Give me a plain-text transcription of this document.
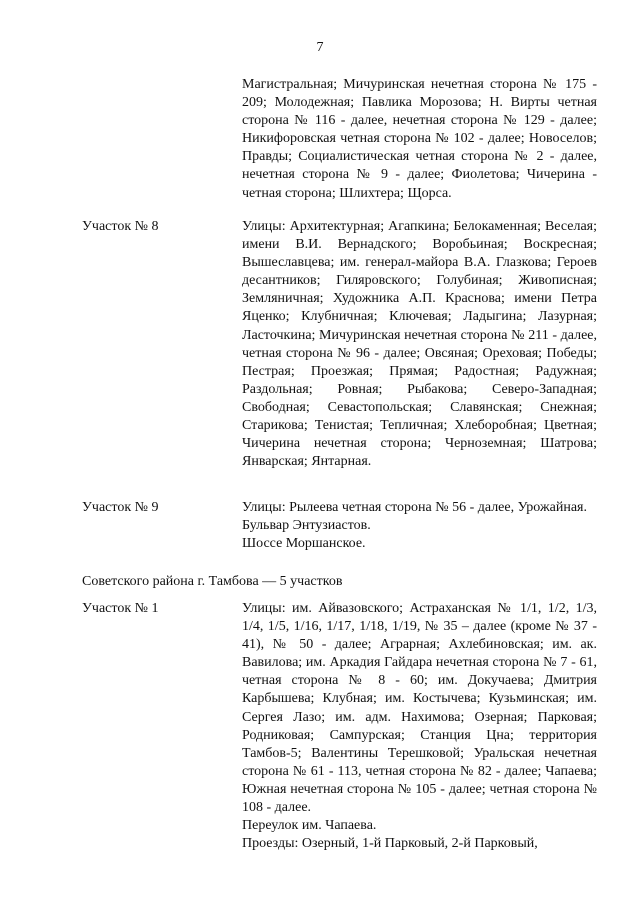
7

Магистральная; Мичуринская нечетная сторона № 175 - 209; Молодежная; Павлика Морозова; Н. Вирты четная сторона № 116 - далее, нечетная сторона № 129 - далее; Никифоровская четная сторона № 102 - далее; Новоселов; Правды; Социалистическая четная сторона № 2 - далее, нечетная сторона № 9 - далее; Фиолетова; Чичерина - четная сторона; Шлихтера; Щорса.

Участок № 8	Улицы: Архитектурная; Агапкина; Белокаменная; Веселая; имени В.И. Вернадского; Воробьиная; Воскресная; Вышеславцева; им. генерал-майора В.А. Глазкова; Героев десантников; Гиляровского; Голубиная; Живописная; Земляничная; Художника А.П. Краснова; имени Петра Яценко; Клубничная; Ключевая; Ладыгина; Лазурная; Ласточкина; Мичуринская нечетная сторона № 211 - далее, четная сторона № 96 - далее; Овсяная; Ореховая; Победы; Пестрая; Проезжая; Прямая; Радостная; Радужная; Раздольная; Ровная; Рыбакова; Северо-Западная; Свободная; Севастопольская; Славянская; Снежная; Старикова; Тенистая; Тепличная; Хлеборобная; Цветная; Чичерина нечетная сторона; Черноземная; Шатрова; Январская; Янтарная.

Участок № 9	Улицы: Рылеева четная сторона № 56 - далее, Урожайная.

Бульвар Энтузиастов.

Шоссе Моршанское.

Советского района г. Тамбова — 5 участков
Участок № 1	Улицы: им. Айвазовского; Астраханская № 1/1, 1/2, 1/3, 1/4, 1/5, 1/16, 1/17, 1/18, 1/19, № 35 – далее (кроме № 37 - 41), № 50 - далее; Аграрная; Ахлебиновская; им. ак. Вавилова; им. Аркадия Гайдара нечетная сторона № 7 - 61, четная сторона № 8 - 60; им. Докучаева; Дмитрия Карбышева; Клубная; им. Костычева; Кузьминская; им. Сергея Лазо; им. адм. Нахимова; Озерная; Парковая; Родниковая; Сампурская; Станция Цна; территория Тамбов-5; Валентины Терешковой; Уральская нечетная сторона № 61 - 113, четная сторона № 82 - далее; Чапаева; Южная нечетная сторона № 105 - далее; четная сторона № 108 - далее.

Переулок им. Чапаева.

Проезды: Озерный, 1-й Парковый, 2-й Парковый,
